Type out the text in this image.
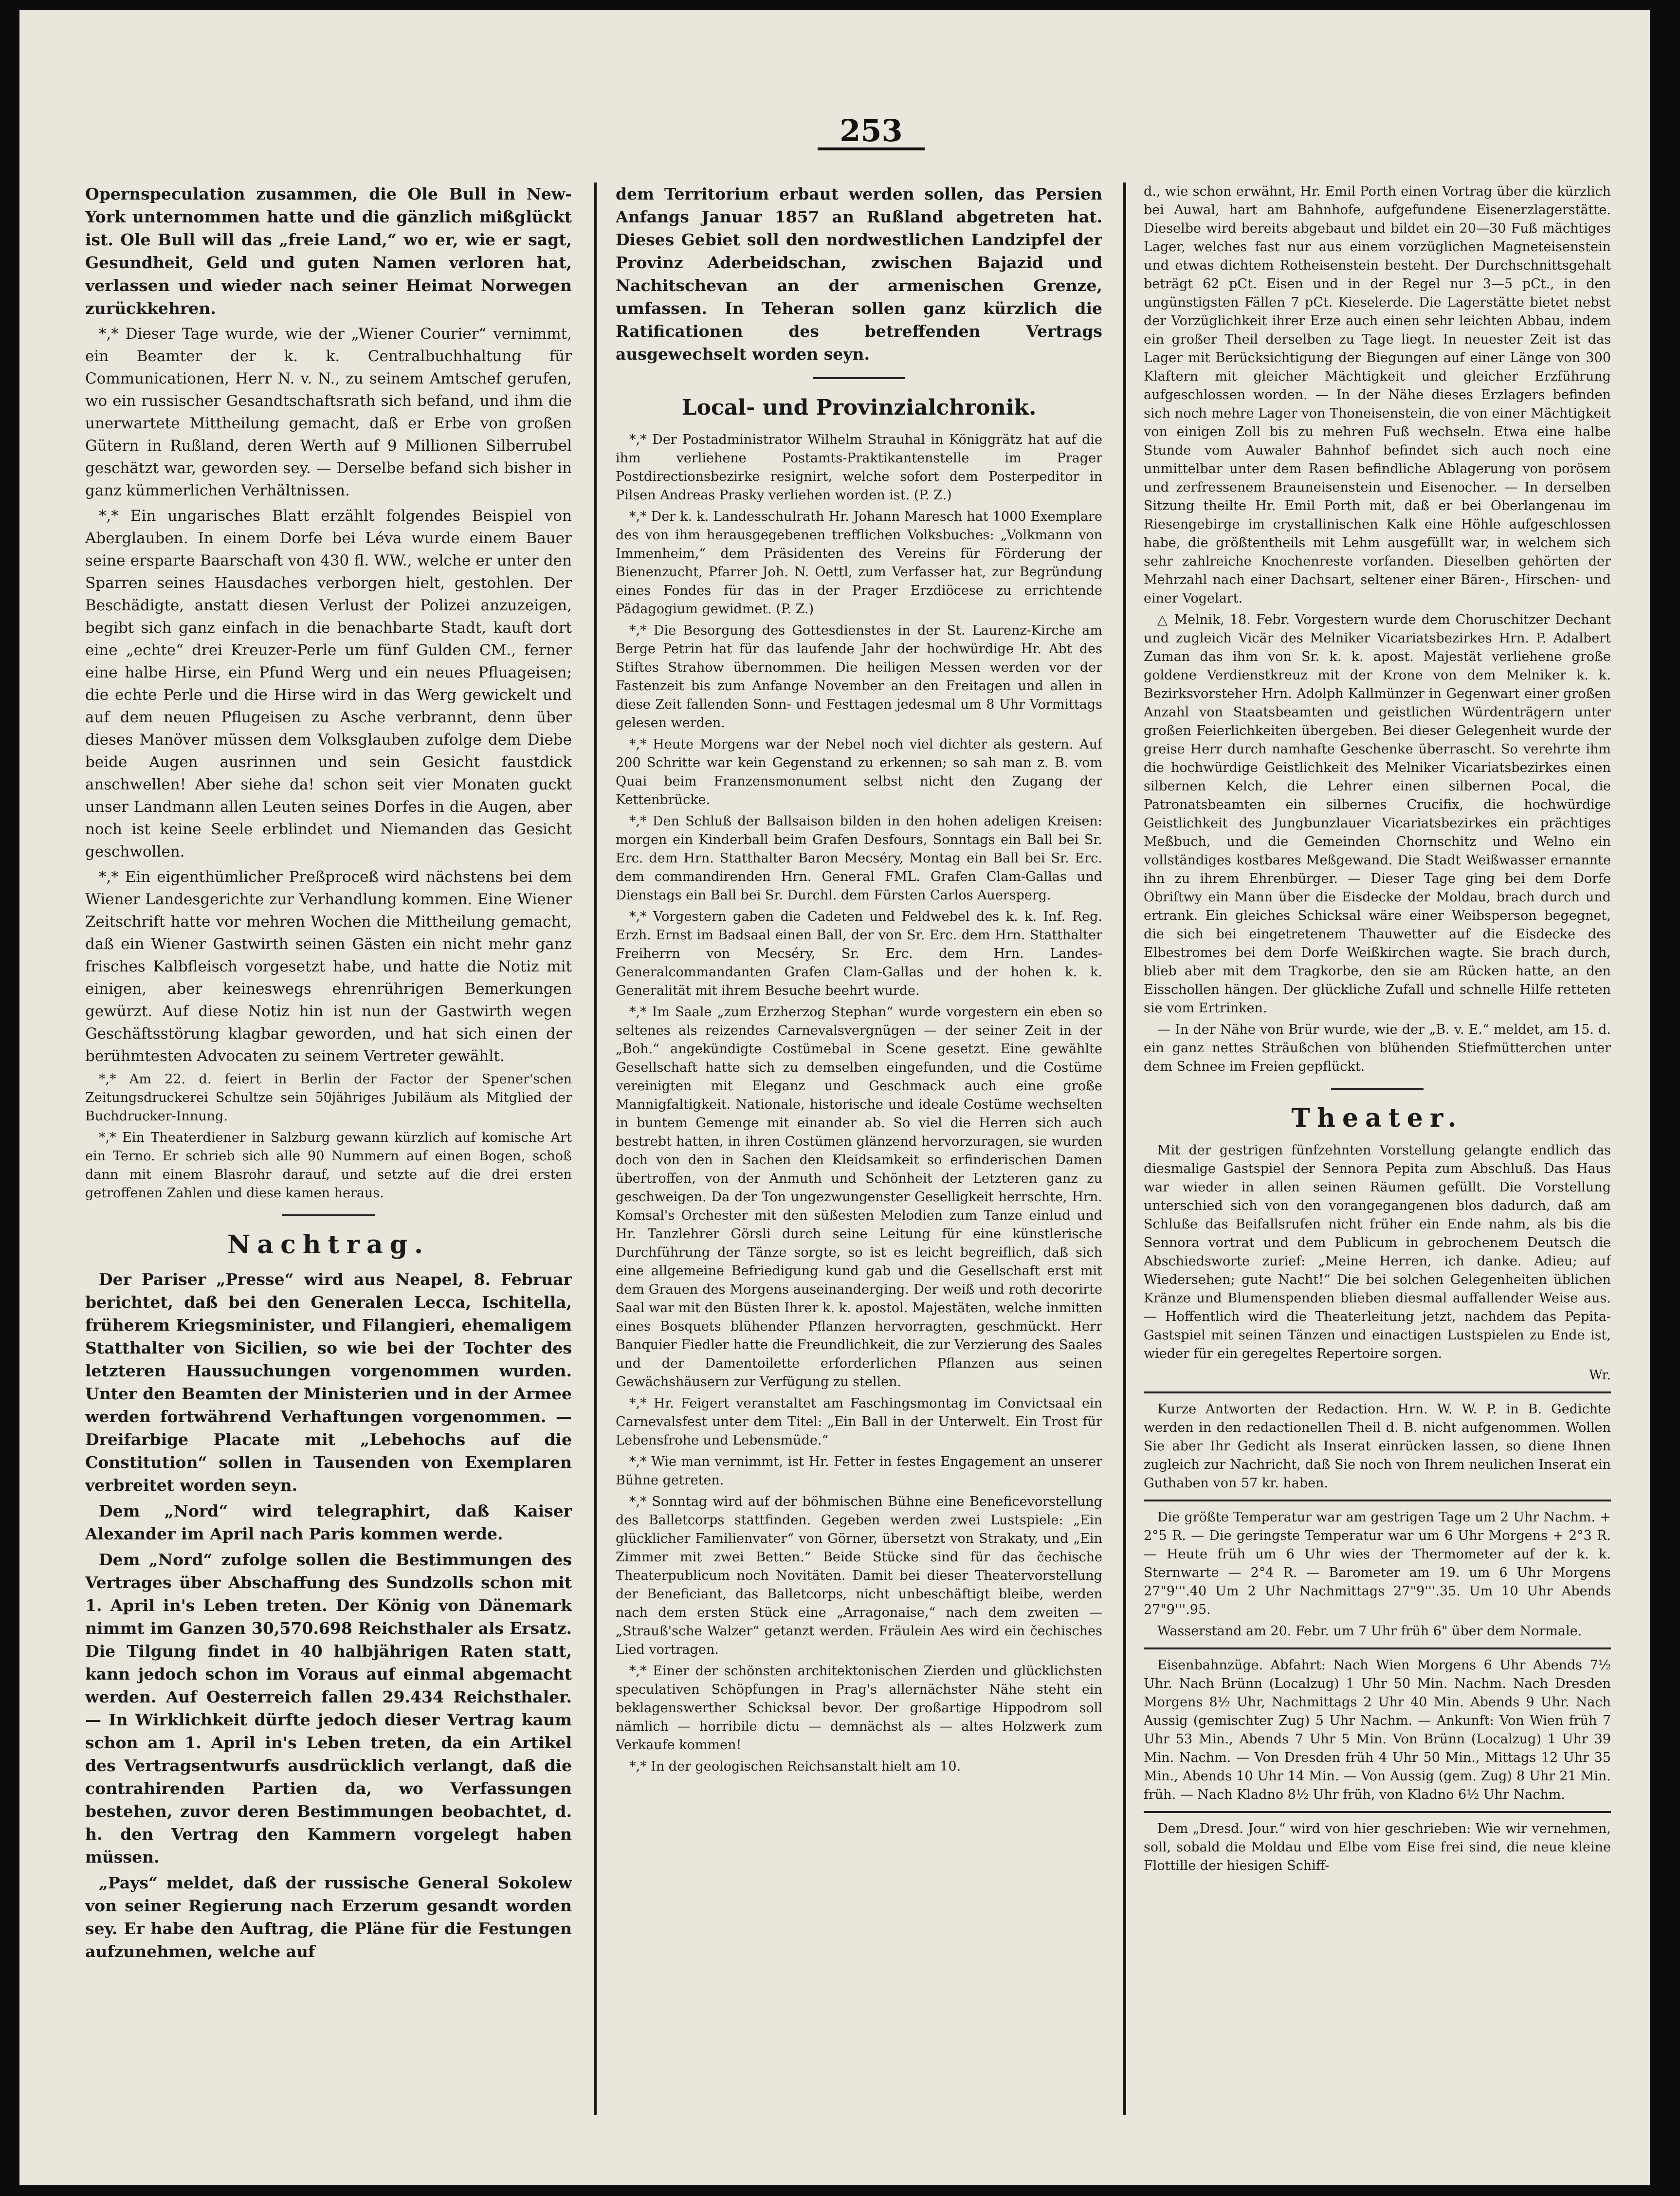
253

Opernspeculation zusammen, die Ole Bull in New-York unternommen hatte und die gänzlich mißglückt ist. Ole Bull will das „freie Land,“ wo er, wie er sagt, Gesundheit, Geld und guten Namen verloren hat, verlassen und wieder nach seiner Heimat Norwegen zurückkehren.

*,* Dieser Tage wurde, wie der „Wiener Courier“ vernimmt, ein Beamter der k. k. Centralbuchhaltung für Communicationen, Herr N. v. N., zu seinem Amtschef gerufen, wo ein russischer Gesandtschaftsrath sich befand, und ihm die unerwartete Mittheilung gemacht, daß er Erbe von großen Gütern in Rußland, deren Werth auf 9 Millionen Silberrubel geschätzt war, geworden sey. — Derselbe befand sich bisher in ganz kümmerlichen Verhältnissen.

*,* Ein ungarisches Blatt erzählt folgendes Beispiel von Aberglauben. In einem Dorfe bei Léva wurde einem Bauer seine ersparte Baarschaft von 430 fl. WW., welche er unter den Sparren seines Hausdaches verborgen hielt, gestohlen. Der Beschädigte, anstatt diesen Verlust der Polizei anzuzeigen, begibt sich ganz einfach in die benachbarte Stadt, kauft dort eine „echte“ drei Kreuzer-Perle um fünf Gulden CM., ferner eine halbe Hirse, ein Pfund Werg und ein neues Pfluageisen; die echte Perle und die Hirse wird in das Werg gewickelt und auf dem neuen Pflugeisen zu Asche verbrannt, denn über dieses Manöver müssen dem Volksglauben zufolge dem Diebe beide Augen ausrinnen und sein Gesicht faustdick anschwellen! Aber siehe da! schon seit vier Monaten guckt unser Landmann allen Leuten seines Dorfes in die Augen, aber noch ist keine Seele erblindet und Niemanden das Gesicht geschwollen.

*,* Ein eigenthümlicher Preßproceß wird nächstens bei dem Wiener Landesgerichte zur Verhandlung kommen. Eine Wiener Zeitschrift hatte vor mehren Wochen die Mittheilung gemacht, daß ein Wiener Gastwirth seinen Gästen ein nicht mehr ganz frisches Kalbfleisch vorgesetzt habe, und hatte die Notiz mit einigen, aber keineswegs ehrenrührigen Bemerkungen gewürzt. Auf diese Notiz hin ist nun der Gastwirth wegen Geschäftsstörung klagbar geworden, und hat sich einen der berühmtesten Advocaten zu seinem Vertreter gewählt.

*,* Am 22. d. feiert in Berlin der Factor der Spener'schen Zeitungsdruckerei Schultze sein 50jähriges Jubiläum als Mitglied der Buchdrucker-Innung.

*,* Ein Theaterdiener in Salzburg gewann kürzlich auf komische Art ein Terno. Er schrieb sich alle 90 Nummern auf einen Bogen, schoß dann mit einem Blasrohr darauf, und setzte auf die drei ersten getroffenen Zahlen und diese kamen heraus.

Nachtrag.

Der Pariser „Presse“ wird aus Neapel, 8. Februar berichtet, daß bei den Generalen Lecca, Ischitella, früherem Kriegsminister, und Filangieri, ehemaligem Statthalter von Sicilien, so wie bei der Tochter des letzteren Haussuchungen vorgenommen wurden. Unter den Beamten der Ministerien und in der Armee werden fortwährend Verhaftungen vorgenommen. — Dreifarbige Placate mit „Lebehochs auf die Constitution“ sollen in Tausenden von Exemplaren verbreitet worden seyn.

Dem „Nord“ wird telegraphirt, daß Kaiser Alexander im April nach Paris kommen werde.

Dem „Nord“ zufolge sollen die Bestimmungen des Vertrages über Abschaffung des Sundzolls schon mit 1. April in's Leben treten. Der König von Dänemark nimmt im Ganzen 30,570.698 Reichsthaler als Ersatz. Die Tilgung findet in 40 halbjährigen Raten statt, kann jedoch schon im Voraus auf einmal abgemacht werden. Auf Oesterreich fallen 29.434 Reichsthaler. — In Wirklichkeit dürfte jedoch dieser Vertrag kaum schon am 1. April in's Leben treten, da ein Artikel des Vertragsentwurfs ausdrücklich verlangt, daß die contrahirenden Partien da, wo Verfassungen bestehen, zuvor deren Bestimmungen beobachtet, d. h. den Vertrag den Kammern vorgelegt haben müssen.

„Pays“ meldet, daß der russische General Sokolew von seiner Regierung nach Erzerum gesandt worden sey. Er habe den Auftrag, die Pläne für die Festungen aufzunehmen, welche auf

dem Territorium erbaut werden sollen, das Persien Anfangs Januar 1857 an Rußland abgetreten hat. Dieses Gebiet soll den nordwestlichen Landzipfel der Provinz Aderbeidschan, zwischen Bajazid und Nachitschevan an der armenischen Grenze, umfassen. In Teheran sollen ganz kürzlich die Ratificationen des betreffenden Vertrags ausgewechselt worden seyn.

Local- und Provinzialchronik.

*,* Der Postadministrator Wilhelm Strauhal in Königgrätz hat auf die ihm verliehene Postamts-Praktikantenstelle im Prager Postdirectionsbezirke resignirt, welche sofort dem Posterpeditor in Pilsen Andreas Prasky verliehen worden ist. (P. Z.)

*,* Der k. k. Landesschulrath Hr. Johann Maresch hat 1000 Exemplare des von ihm herausgegebenen trefflichen Volksbuches: „Volkmann von Immenheim,“ dem Präsidenten des Vereins für Förderung der Bienenzucht, Pfarrer Joh. N. Oettl, zum Verfasser hat, zur Begründung eines Fondes für das in der Prager Erzdiöcese zu errichtende Pädagogium gewidmet. (P. Z.)

*,* Die Besorgung des Gottesdienstes in der St. Laurenz-Kirche am Berge Petrin hat für das laufende Jahr der hochwürdige Hr. Abt des Stiftes Strahow übernommen. Die heiligen Messen werden vor der Fastenzeit bis zum Anfange November an den Freitagen und allen in diese Zeit fallenden Sonn- und Festtagen jedesmal um 8 Uhr Vormittags gelesen werden.

*,* Heute Morgens war der Nebel noch viel dichter als gestern. Auf 200 Schritte war kein Gegenstand zu erkennen; so sah man z. B. vom Quai beim Franzensmonument selbst nicht den Zugang der Kettenbrücke.

*,* Den Schluß der Ballsaison bilden in den hohen adeligen Kreisen: morgen ein Kinderball beim Grafen Desfours, Sonntags ein Ball bei Sr. Erc. dem Hrn. Statthalter Baron Mecséry, Montag ein Ball bei Sr. Erc. dem commandirenden Hrn. General FML. Grafen Clam-Gallas und Dienstags ein Ball bei Sr. Durchl. dem Fürsten Carlos Auersperg.

*,* Vorgestern gaben die Cadeten und Feldwebel des k. k. Inf. Reg. Erzh. Ernst im Badsaal einen Ball, der von Sr. Erc. dem Hrn. Statthalter Freiherrn von Mecséry, Sr. Erc. dem Hrn. Landes-Generalcommandanten Grafen Clam-Gallas und der hohen k. k. Generalität mit ihrem Besuche beehrt wurde.

*,* Im Saale „zum Erzherzog Stephan“ wurde vorgestern ein eben so seltenes als reizendes Carnevalsvergnügen — der seiner Zeit in der „Boh.“ angekündigte Costümebal in Scene gesetzt. Eine gewählte Gesellschaft hatte sich zu demselben eingefunden, und die Costüme vereinigten mit Eleganz und Geschmack auch eine große Mannigfaltigkeit. Nationale, historische und ideale Costüme wechselten in buntem Gemenge mit einander ab. So viel die Herren sich auch bestrebt hatten, in ihren Costümen glänzend hervorzuragen, sie wurden doch von den in Sachen den Kleidsamkeit so erfinderischen Damen übertroffen, von der Anmuth und Schönheit der Letzteren ganz zu geschweigen. Da der Ton ungezwungenster Geselligkeit herrschte, Hrn. Komsal's Orchester mit den süßesten Melodien zum Tanze einlud und Hr. Tanzlehrer Görsli durch seine Leitung für eine künstlerische Durchführung der Tänze sorgte, so ist es leicht begreiflich, daß sich eine allgemeine Befriedigung kund gab und die Gesellschaft erst mit dem Grauen des Morgens auseinanderging. Der weiß und roth decorirte Saal war mit den Büsten Ihrer k. k. apostol. Majestäten, welche inmitten eines Bosquets blühender Pflanzen hervorragten, geschmückt. Herr Banquier Fiedler hatte die Freundlichkeit, die zur Verzierung des Saales und der Damentoilette erforderlichen Pflanzen aus seinen Gewächshäusern zur Verfügung zu stellen.

*,* Hr. Feigert veranstaltet am Faschingsmontag im Convictsaal ein Carnevalsfest unter dem Titel: „Ein Ball in der Unterwelt. Ein Trost für Lebensfrohe und Lebensmüde.“

*,* Wie man vernimmt, ist Hr. Fetter in festes Engagement an unserer Bühne getreten.

*,* Sonntag wird auf der böhmischen Bühne eine Beneficevorstellung des Balletcorps stattfinden. Gegeben werden zwei Lustspiele: „Ein glücklicher Familienvater“ von Görner, übersetzt von Strakaty, und „Ein Zimmer mit zwei Betten.“ Beide Stücke sind für das čechische Theaterpublicum noch Novitäten. Damit bei dieser Theatervorstellung der Beneficiant, das Balletcorps, nicht unbeschäftigt bleibe, werden nach dem ersten Stück eine „Arragonaise,“ nach dem zweiten — „Strauß'sche Walzer“ getanzt werden. Fräulein Aes wird ein čechisches Lied vortragen.

*,* Einer der schönsten architektonischen Zierden und glücklichsten speculativen Schöpfungen in Prag's allernächster Nähe steht ein beklagenswerther Schicksal bevor. Der großartige Hippodrom soll nämlich — horribile dictu — demnächst als — altes Holzwerk zum Verkaufe kommen!

*,* In der geologischen Reichsanstalt hielt am 10.

d., wie schon erwähnt, Hr. Emil Porth einen Vortrag über die kürzlich bei Auwal, hart am Bahnhofe, aufgefundene Eisenerzlagerstätte. Dieselbe wird bereits abgebaut und bildet ein 20—30 Fuß mächtiges Lager, welches fast nur aus einem vorzüglichen Magneteisenstein und etwas dichtem Rotheisenstein besteht. Der Durchschnittsgehalt beträgt 62 pCt. Eisen und in der Regel nur 3—5 pCt., in den ungünstigsten Fällen 7 pCt. Kieselerde. Die Lagerstätte bietet nebst der Vorzüglichkeit ihrer Erze auch einen sehr leichten Abbau, indem ein großer Theil derselben zu Tage liegt. In neuester Zeit ist das Lager mit Berücksichtigung der Biegungen auf einer Länge von 300 Klaftern mit gleicher Mächtigkeit und gleicher Erzführung aufgeschlossen worden. — In der Nähe dieses Erzlagers befinden sich noch mehre Lager von Thoneisenstein, die von einer Mächtigkeit von einigen Zoll bis zu mehren Fuß wechseln. Etwa eine halbe Stunde vom Auwaler Bahnhof befindet sich auch noch eine unmittelbar unter dem Rasen befindliche Ablagerung von porösem und zerfressenem Brauneisenstein und Eisenocher. — In derselben Sitzung theilte Hr. Emil Porth mit, daß er bei Oberlangenau im Riesengebirge im crystallinischen Kalk eine Höhle aufgeschlossen habe, die größtentheils mit Lehm ausgefüllt war, in welchem sich sehr zahlreiche Knochenreste vorfanden. Dieselben gehörten der Mehrzahl nach einer Dachsart, seltener einer Bären-, Hirschen- und einer Vogelart.

△ Melnik, 18. Febr. Vorgestern wurde dem Choruschitzer Dechant und zugleich Vicär des Melniker Vicariatsbezirkes Hrn. P. Adalbert Zuman das ihm von Sr. k. k. apost. Majestät verliehene große goldene Verdienstkreuz mit der Krone von dem Melniker k. k. Bezirksvorsteher Hrn. Adolph Kallmünzer in Gegenwart einer großen Anzahl von Staatsbeamten und geistlichen Würdenträgern unter großen Feierlichkeiten übergeben. Bei dieser Gelegenheit wurde der greise Herr durch namhafte Geschenke überrascht. So verehrte ihm die hochwürdige Geistlichkeit des Melniker Vicariatsbezirkes einen silbernen Kelch, die Lehrer einen silbernen Pocal, die Patronatsbeamten ein silbernes Crucifix, die hochwürdige Geistlichkeit des Jungbunzlauer Vicariatsbezirkes ein prächtiges Meßbuch, und die Gemeinden Chornschitz und Welno ein vollständiges kostbares Meßgewand. Die Stadt Weißwasser ernannte ihn zu ihrem Ehrenbürger. — Dieser Tage ging bei dem Dorfe Obriſtwy ein Mann über die Eisdecke der Moldau, brach durch und ertrank. Ein gleiches Schicksal wäre einer Weibsperson begegnet, die sich bei eingetretenem Thauwetter auf die Eisdecke des Elbestromes bei dem Dorfe Weißkirchen wagte. Sie brach durch, blieb aber mit dem Tragkorbe, den sie am Rücken hatte, an den Eisschollen hängen. Der glückliche Zufall und schnelle Hilfe retteten sie vom Ertrinken.

— In der Nähe von Brür wurde, wie der „B. v. E.“ meldet, am 15. d. ein ganz nettes Sträußchen von blühenden Stiefmütterchen unter dem Schnee im Freien gepflückt.

Theater.

Mit der gestrigen fünfzehnten Vorstellung gelangte endlich das diesmalige Gastspiel der Sennora Pepita zum Abschluß. Das Haus war wieder in allen seinen Räumen gefüllt. Die Vorstellung unterschied sich von den vorangegangenen blos dadurch, daß am Schluße das Beifallsrufen nicht früher ein Ende nahm, als bis die Sennora vortrat und dem Publicum in gebrochenem Deutsch die Abschiedsworte zurief: „Meine Herren, ich danke. Adieu; auf Wiedersehen; gute Nacht!“ Die bei solchen Gelegenheiten üblichen Kränze und Blumenspenden blieben diesmal auffallender Weise aus. — Hoffentlich wird die Theaterleitung jetzt, nachdem das Pepita-Gastspiel mit seinen Tänzen und einactigen Lustspielen zu Ende ist, wieder für ein geregeltes Repertoire sorgen.

Wr.

Kurze Antworten der Redaction. Hrn. W. W. P. in B. Gedichte werden in den redactionellen Theil d. B. nicht aufgenommen. Wollen Sie aber Ihr Gedicht als Inserat einrücken lassen, so diene Ihnen zugleich zur Nachricht, daß Sie noch von Ihrem neulichen Inserat ein Guthaben von 57 kr. haben.

Die größte Temperatur war am gestrigen Tage um 2 Uhr Nachm. + 2°5 R. — Die geringste Temperatur war um 6 Uhr Morgens + 2°3 R. — Heute früh um 6 Uhr wies der Thermometer auf der k. k. Sternwarte — 2°4 R. — Barometer am 19. um 6 Uhr Morgens 27"9'''.40 Um 2 Uhr Nachmittags 27"9'''.35. Um 10 Uhr Abends 27"9'''.95.

Wasserstand am 20. Febr. um 7 Uhr früh 6" über dem Normale.

Eisenbahnzüge. Abfahrt: Nach Wien Morgens 6 Uhr Abends 7½ Uhr. Nach Brünn (Localzug) 1 Uhr 50 Min. Nachm. Nach Dresden Morgens 8½ Uhr, Nachmittags 2 Uhr 40 Min. Abends 9 Uhr. Nach Aussig (gemischter Zug) 5 Uhr Nachm. — Ankunft: Von Wien früh 7 Uhr 53 Min., Abends 7 Uhr 5 Min. Von Brünn (Localzug) 1 Uhr 39 Min. Nachm. — Von Dresden früh 4 Uhr 50 Min., Mittags 12 Uhr 35 Min., Abends 10 Uhr 14 Min. — Von Aussig (gem. Zug) 8 Uhr 21 Min. früh. — Nach Kladno 8½ Uhr früh, von Kladno 6½ Uhr Nachm.

Dem „Dresd. Jour.“ wird von hier geschrieben: Wie wir vernehmen, soll, sobald die Moldau und Elbe vom Eise frei sind, die neue kleine Flottille der hiesigen Schiff-
